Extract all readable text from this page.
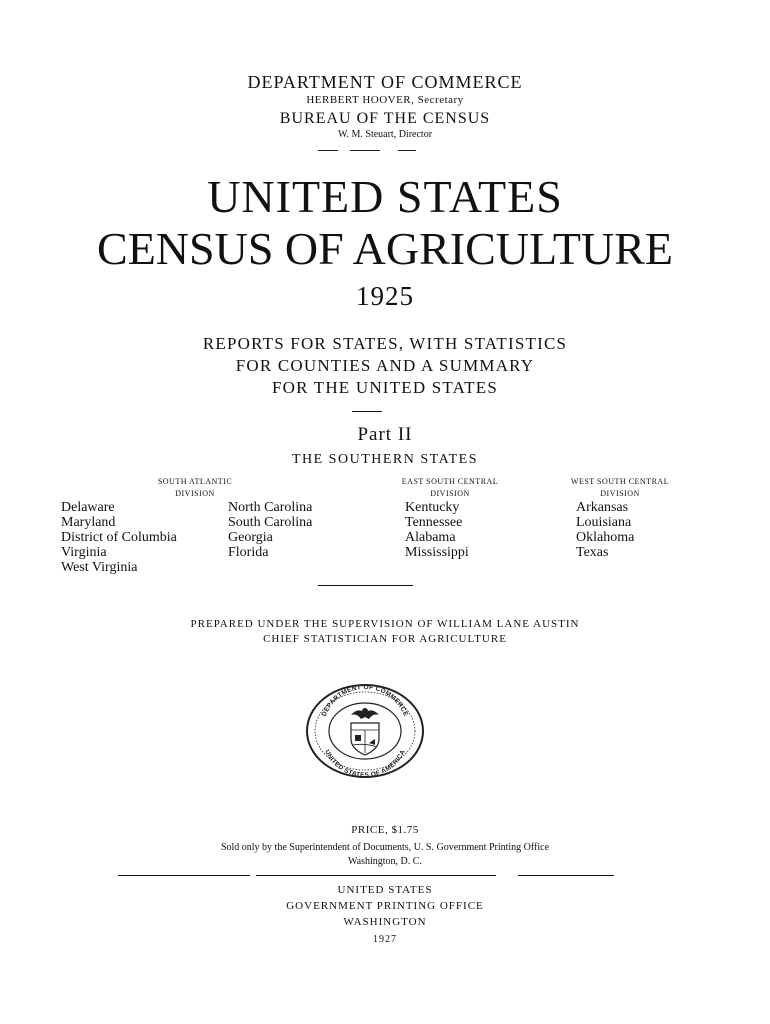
DEPARTMENT OF COMMERCE
HERBERT HOOVER, Secretary
BUREAU OF THE CENSUS
W. M. Steuart, Director
UNITED STATES
CENSUS OF AGRICULTURE
1925
REPORTS FOR STATES, WITH STATISTICS
FOR COUNTIES AND A SUMMARY
FOR THE UNITED STATES
Part II
THE SOUTHERN STATES
SOUTH ATLANTIC
DIVISION
Delaware
Maryland
District of Columbia
Virginia
West Virginia
North Carolina
South Carolina
Georgia
Florida
EAST SOUTH CENTRAL
DIVISION
Kentucky
Tennessee
Alabama
Mississippi
WEST SOUTH CENTRAL
DIVISION
Arkansas
Louisiana
Oklahoma
Texas
PREPARED UNDER THE SUPERVISION OF WILLIAM LANE AUSTIN
CHIEF STATISTICIAN FOR AGRICULTURE
DEPARTMENT OF COMMERCE
UNITED STATES OF AMERICA
PRICE, $1.75
Sold only by the Superintendent of Documents, U. S. Government Printing Office
Washington, D. C.
UNITED STATES
GOVERNMENT PRINTING OFFICE
WASHINGTON
1927
